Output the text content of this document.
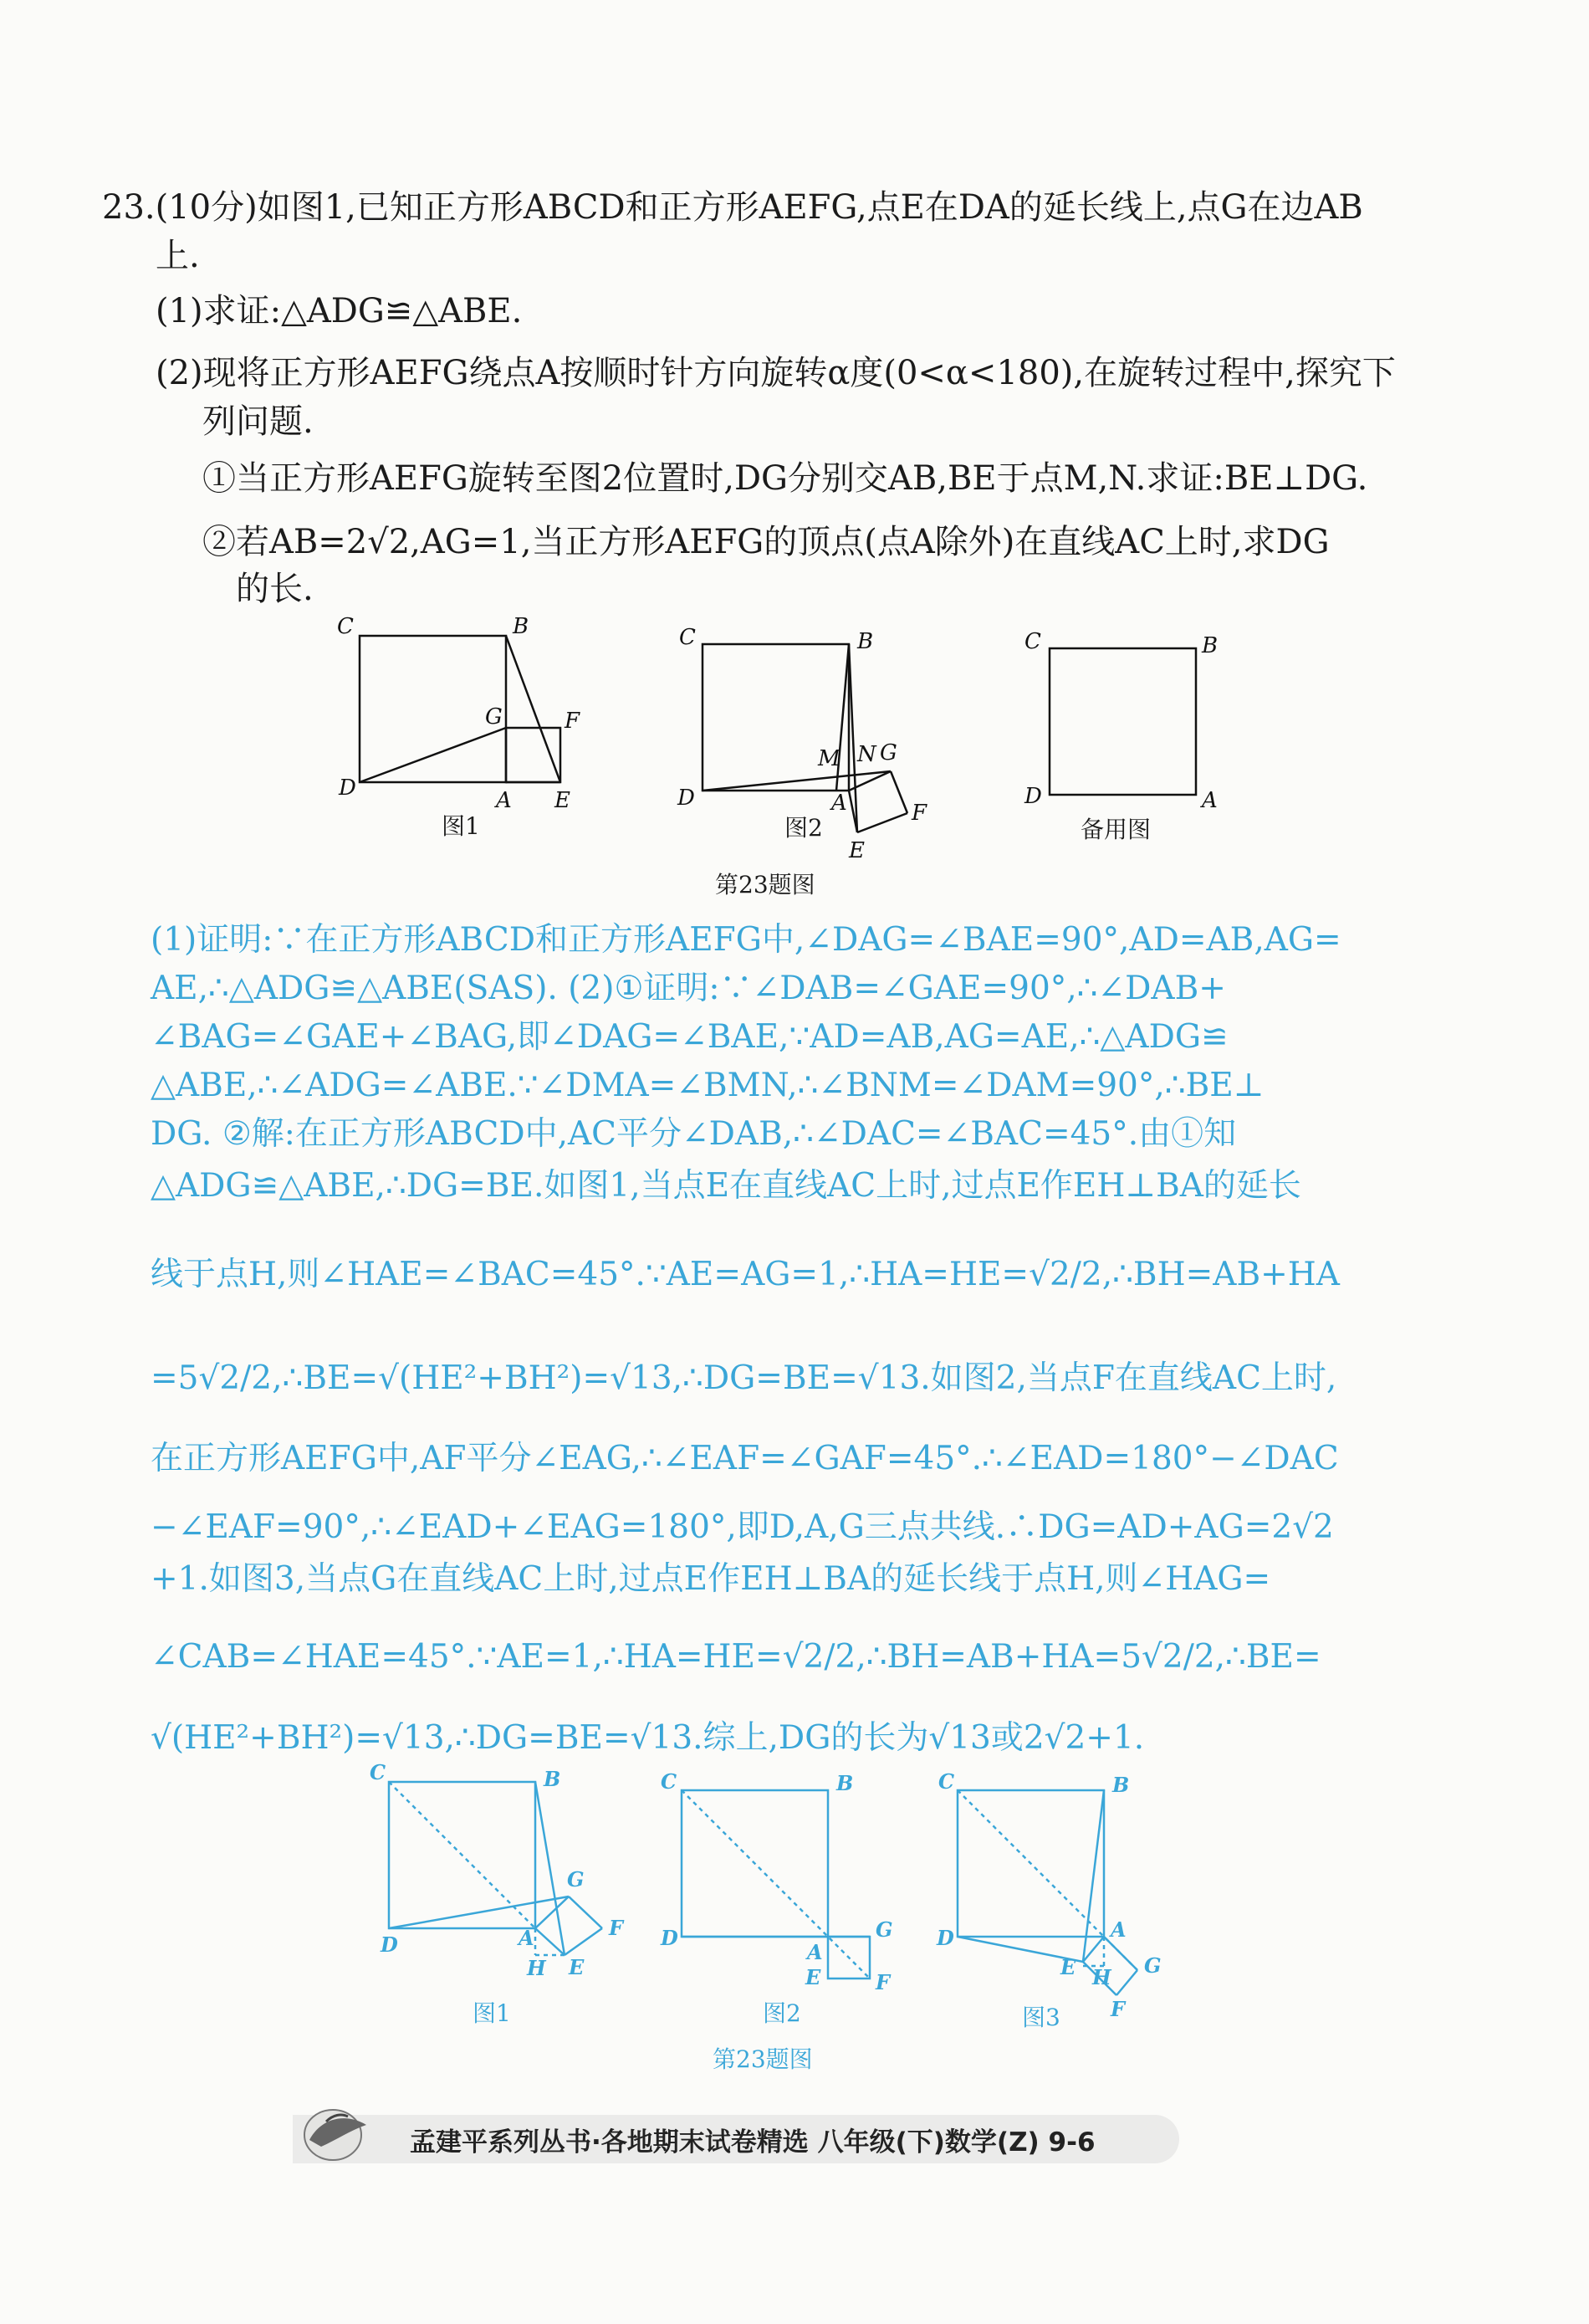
23.(10分)如图1,已知正方形ABCD和正方形AEFG,点E在DA的延长线上,点G在边AB
上.
(1)求证:△ADG≌△ABE.
(2)现将正方形AEFG绕点A按顺时针方向旋转α度(0<α<180),在旋转过程中,探究下
列问题.
①当正方形AEFG旋转至图2位置时,DG分别交AB,BE于点M,N.求证:BE⊥DG.
②若AB=2√2,AG=1,当正方形AEFG的顶点(点A除外)在直线AC上时,求DG
的长.
C	B
G	F
D	A E
图1
C	B
M N G
D	A	F
E
图2
C	B
D	A
备用图
第23题图
(1)证明:∵在正方形ABCD和正方形AEFG中,∠DAG=∠BAE=90°,AD=AB,AG=
AE,∴△ADG≌△ABE(SAS). (2)①证明:∵∠DAB=∠GAE=90°,∴∠DAB+
∠BAG=∠GAE+∠BAG,即∠DAG=∠BAE,∵AD=AB,AG=AE,∴△ADG≌
△ABE,∴∠ADG=∠ABE.∵∠DMA=∠BMN,∴∠BNM=∠DAM=90°,∴BE⊥
DG. ②解:在正方形ABCD中,AC平分∠DAB,∴∠DAC=∠BAC=45°.由①知
△ADG≌△ABE,∴DG=BE.如图1,当点E在直线AC上时,过点E作EH⊥BA的延长
线于点H,则∠HAE=∠BAC=45°.∵AE=AG=1,∴HA=HE=√2/2,∴BH=AB+HA
=5√2/2,∴BE=√(HE²+BH²)=√13,∴DG=BE=√13.如图2,当点F在直线AC上时,
在正方形AEFG中,AF平分∠EAG,∴∠EAF=∠GAF=45°.∴∠EAD=180°−∠DAC
−∠EAF=90°,∴∠EAD+∠EAG=180°,即D,A,G三点共线.∴DG=AD+AG=2√2
+1.如图3,当点G在直线AC上时,过点E作EH⊥BA的延长线于点H,则∠HAG=
∠CAB=∠HAE=45°.∵AE=1,∴HA=HE=√2/2,∴BH=AB+HA=5√2/2,∴BE=
√(HE²+BH²)=√13,∴DG=BE=√13.综上,DG的长为√13或2√2+1.
C	B
G
F
D	A
H E
图1
C	B
D
A
G
E	F
图2
C	B
D	A
E H G
F
图3
第23题图
孟建平系列丛书·各地期末试卷精选 八年级(下)数学(Z) 9-6
